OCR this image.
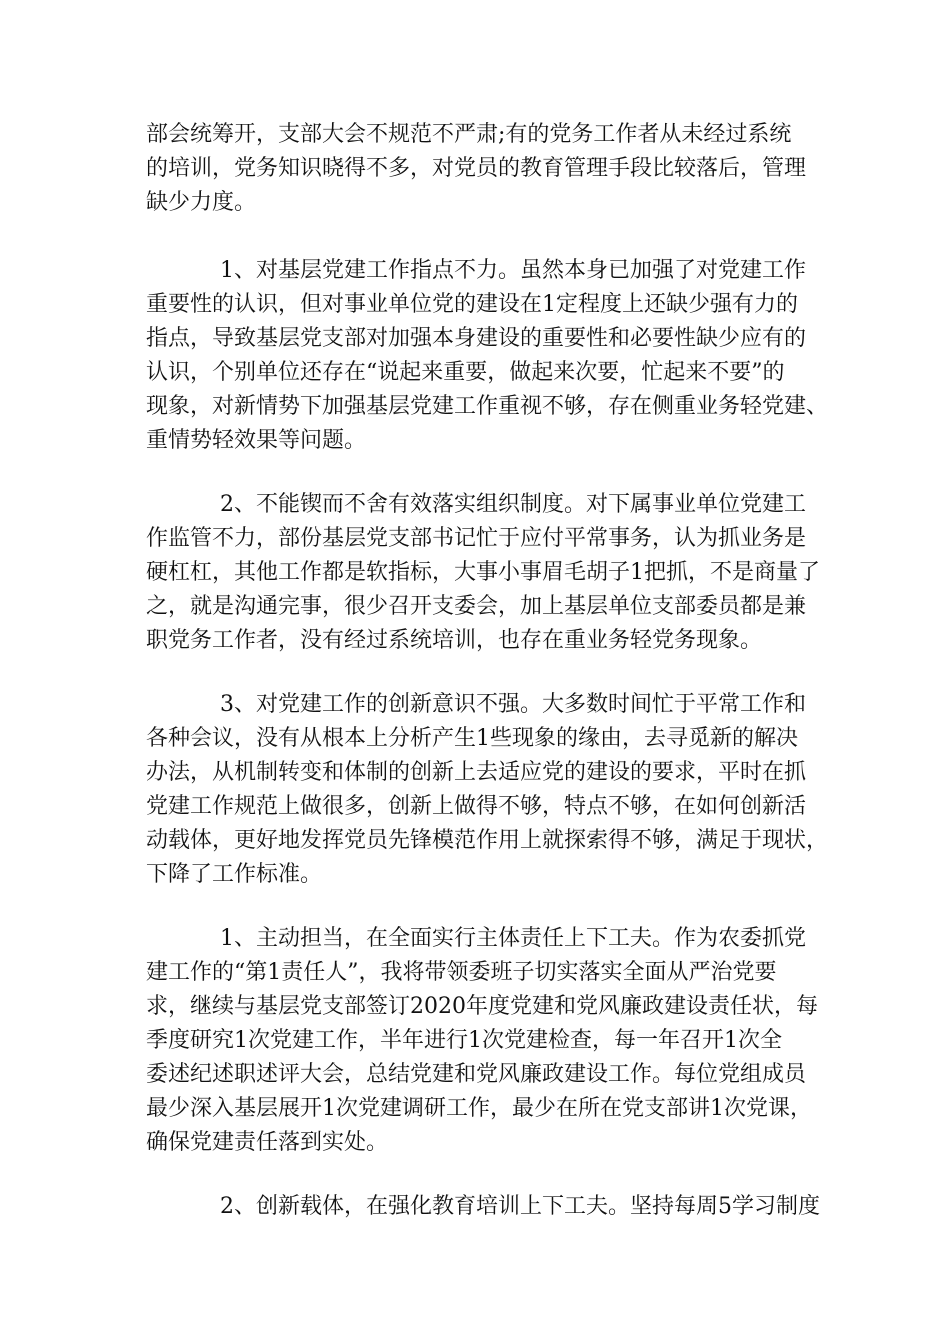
部会统筹开，支部大会不规范不严肃;有的党务工作者从未经过系统
的培训，党务知识晓得不多，对党员的教育管理手段比较落后，管理
缺少力度。
1、对基层党建工作指点不力。虽然本身已加强了对党建工作
重要性的认识，但对事业单位党的建设在1定程度上还缺少强有力的
指点，导致基层党支部对加强本身建设的重要性和必要性缺少应有的
认识，个别单位还存在“说起来重要，做起来次要，忙起来不要”的
现象，对新情势下加强基层党建工作重视不够，存在侧重业务轻党建、
重情势轻效果等问题。
2、不能锲而不舍有效落实组织制度。对下属事业单位党建工
作监管不力，部份基层党支部书记忙于应付平常事务，认为抓业务是
硬杠杠，其他工作都是软指标，大事小事眉毛胡子1把抓，不是商量了
之，就是沟通完事，很少召开支委会，加上基层单位支部委员都是兼
职党务工作者，没有经过系统培训，也存在重业务轻党务现象。
3、对党建工作的创新意识不强。大多数时间忙于平常工作和
各种会议，没有从根本上分析产生1些现象的缘由，去寻觅新的解决
办法，从机制转变和体制的创新上去适应党的建设的要求，平时在抓
党建工作规范上做很多，创新上做得不够，特点不够，在如何创新活
动载体，更好地发挥党员先锋模范作用上就探索得不够，满足于现状，
下降了工作标准。
1、主动担当，在全面实行主体责任上下工夫。作为农委抓党
建工作的“第1责任人”，我将带领委班子切实落实全面从严治党要
求，继续与基层党支部签订2020年度党建和党风廉政建设责任状，每
季度研究1次党建工作，半年进行1次党建检查，每一年召开1次全
委述纪述职述评大会，总结党建和党风廉政建设工作。每位党组成员
最少深入基层展开1次党建调研工作，最少在所在党支部讲1次党课，
确保党建责任落到实处。
2、创新载体，在强化教育培训上下工夫。坚持每周5学习制度
